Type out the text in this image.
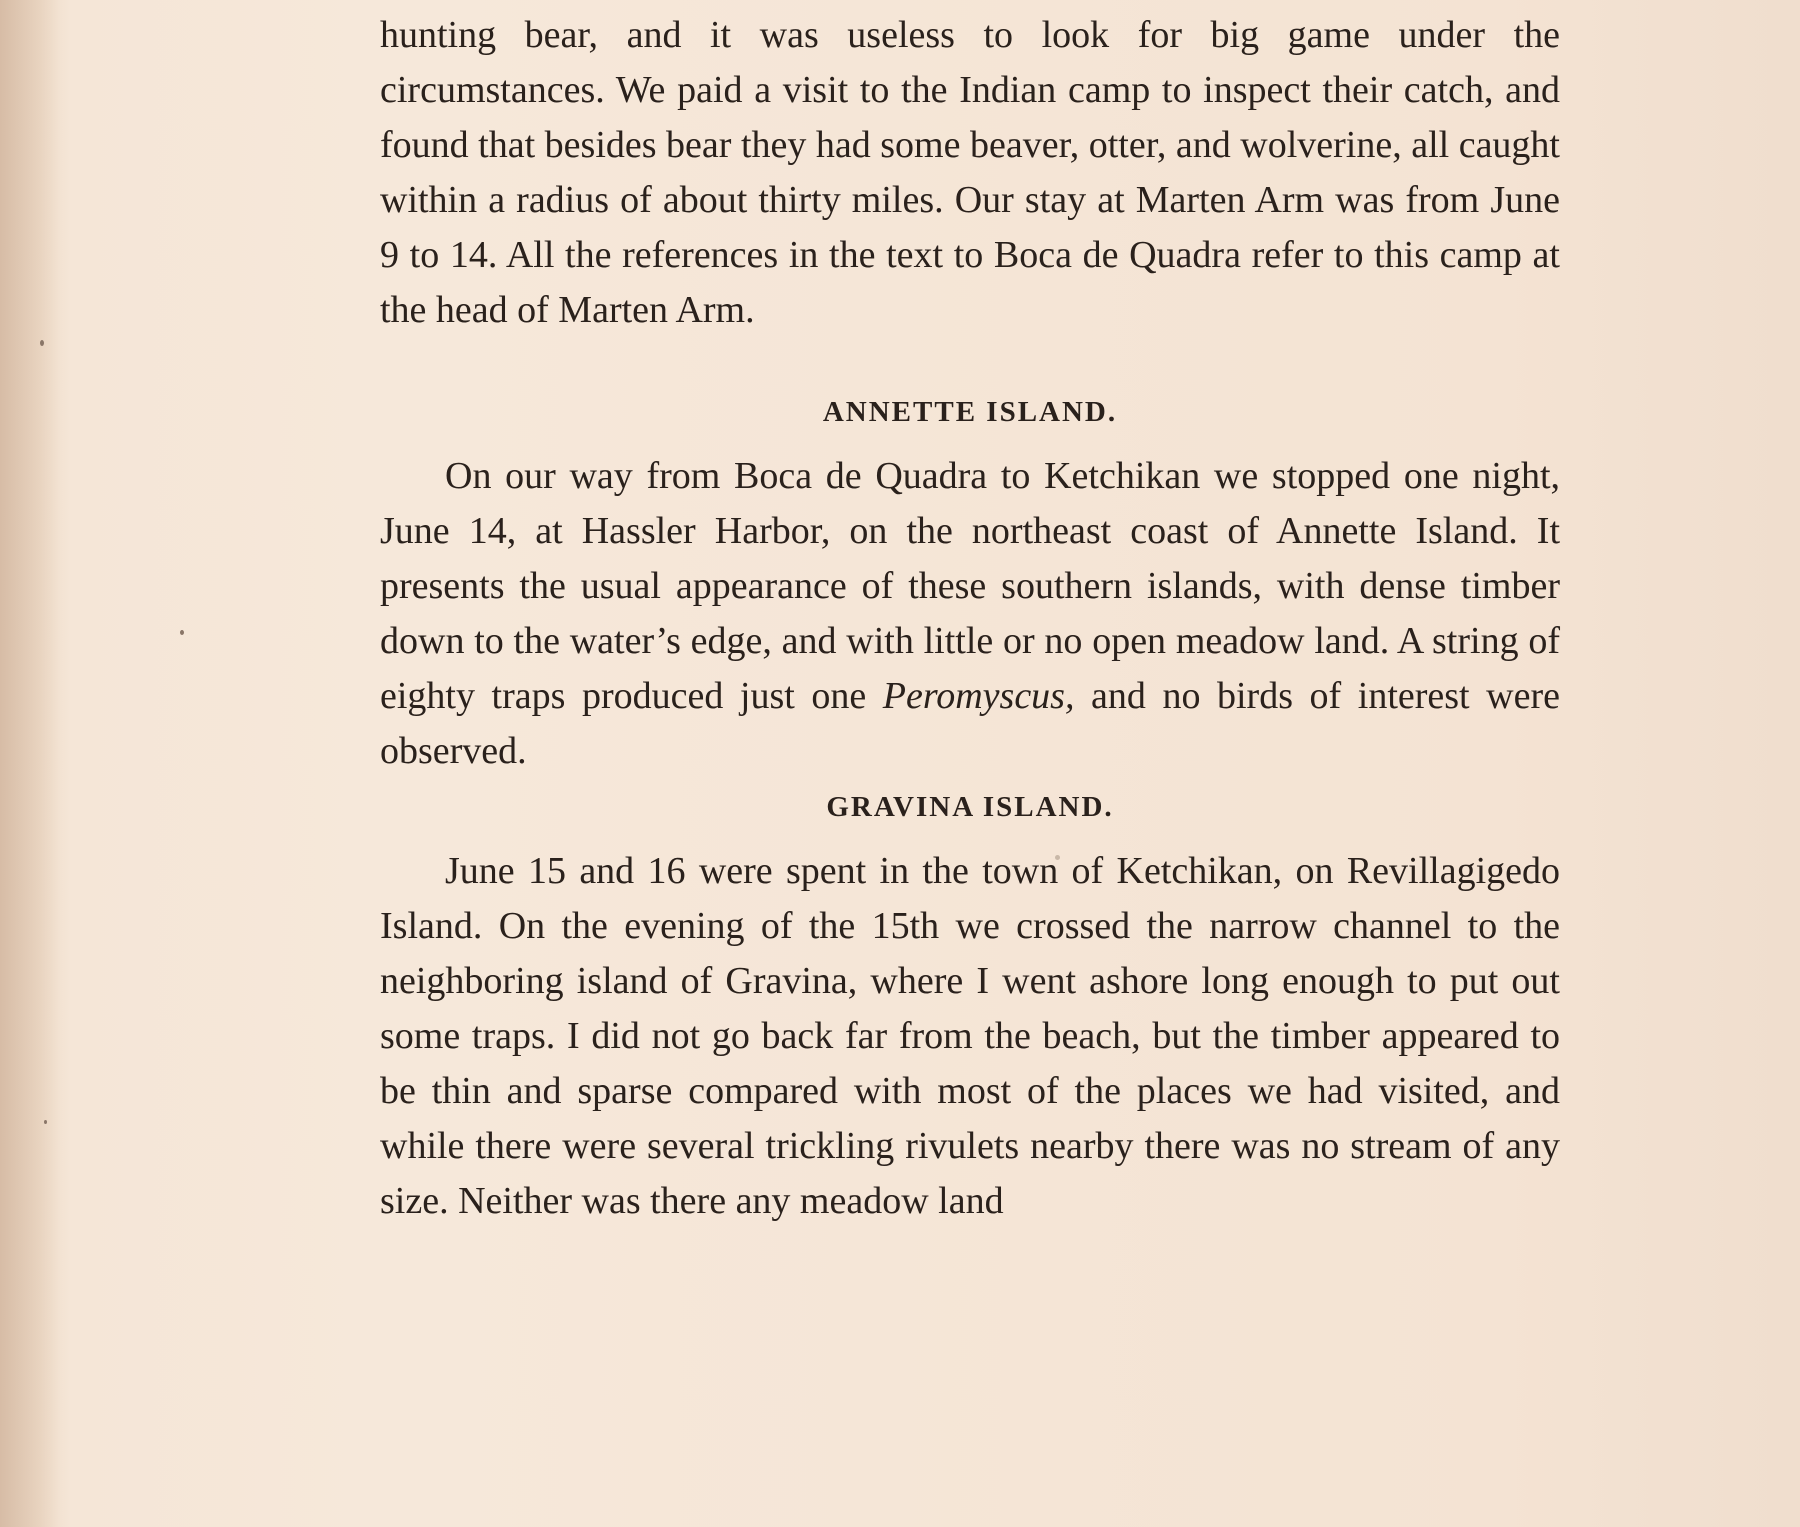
hunting bear, and it was useless to look for big game under the circumstances. We paid a visit to the Indian camp to inspect their catch, and found that besides bear they had some beaver, otter, and wolverine, all caught within a radius of about thirty miles. Our stay at Marten Arm was from June 9 to 14. All the references in the text to Boca de Quadra refer to this camp at the head of Marten Arm.

ANNETTE ISLAND.

On our way from Boca de Quadra to Ketchikan we stopped one night, June 14, at Hassler Harbor, on the northeast coast of Annette Island. It presents the usual appearance of these southern islands, with dense timber down to the water’s edge, and with little or no open meadow land. A string of eighty traps produced just one Peromyscus, and no birds of interest were observed.

GRAVINA ISLAND.

June 15 and 16 were spent in the town of Ketchikan, on Revillagigedo Island. On the evening of the 15th we crossed the narrow channel to the neighboring island of Gravina, where I went ashore long enough to put out some traps. I did not go back far from the beach, but the timber appeared to be thin and sparse compared with most of the places we had visited, and while there were several trickling rivulets nearby there was no stream of any size. Neither was there any meadow land
